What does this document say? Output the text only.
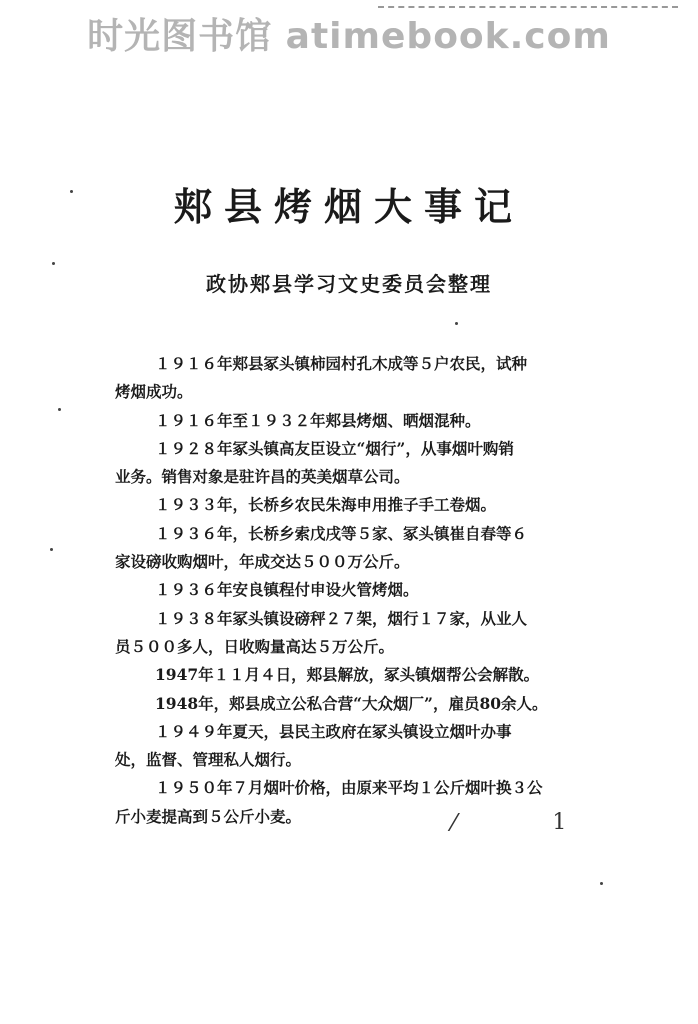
时光图书馆 atimebook.com
郏县烤烟大事记
政协郏县学习文史委员会整理
１９１６年郏县冢头镇柿园村孔木成等５户农民，试种
烤烟成功。
１９１６年至１９３２年郏县烤烟、晒烟混种。
１９２８年冢头镇高友臣设立“烟行”，从事烟叶购销
业务。销售对象是驻许昌的英美烟草公司。
１９３３年，长桥乡农民朱海申用推子手工卷烟。
１９３６年，长桥乡索戊戌等５家、冢头镇崔自春等６
家设磅收购烟叶，年成交达５００万公斤。
１９３６年安良镇程付申设火管烤烟。
１９３８年冢头镇设磅秤２７架，烟行１７家，从业人
员５００多人，日收购量高达５万公斤。
1947年１１月４日，郏县解放，冢头镇烟帮公会解散。
1948年，郏县成立公私合营“大众烟厂”，雇员80余人。
１９４９年夏天，县民主政府在冢头镇设立烟叶办事
处，监督、管理私人烟行。
１９５０年７月烟叶价格，由原来平均１公斤烟叶换３公
斤小麦提高到５公斤小麦。	/	1
